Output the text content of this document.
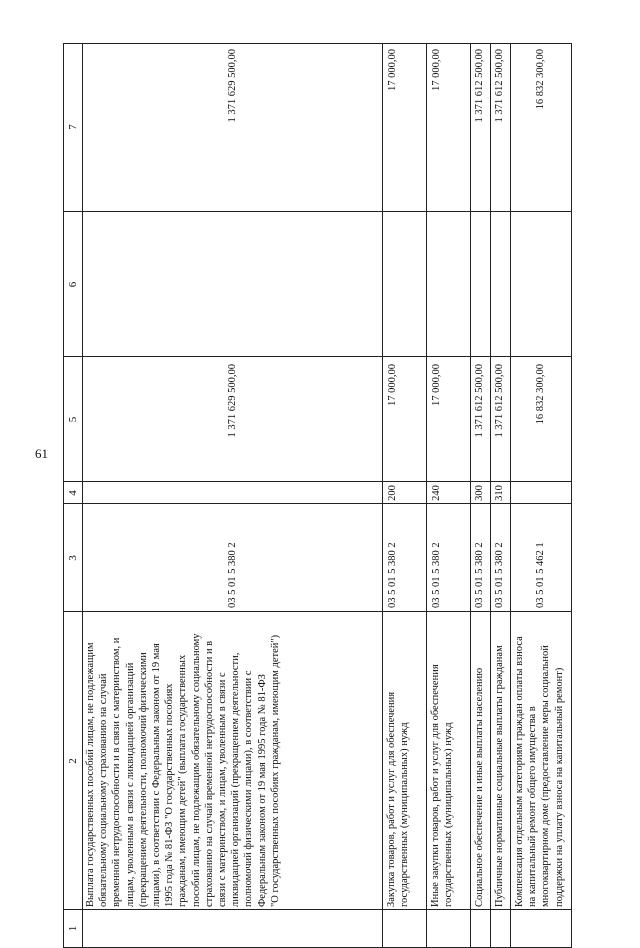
61
1
2
3
4
5
6
7
Выплата государственных пособий лицам, не подлежащим обязательному социальному страхованию на случай временной нетрудоспособности и в связи с материнством, и лицам, уволенным в связи с ликвидацией организаций (прекращением деятельности, полномочий физическими лицами), в соответствии с Федеральным законом от 19 мая 1995 года № 81-ФЗ "О государственных пособиях гражданам, имеющим детей" (выплата государственных пособий лицам, не подлежащим обязательному социальному страхованию на случай временной нетрудоспособности и в связи с материнством, и лицам, уволенным в связи с ликвидацией организаций (прекращением деятельности, полномочий физическими лицами), в соответствии с Федеральным законом от 19 мая 1995 года № 81-ФЗ "О государственных пособиях гражданам, имеющим детей")
03 5 01 5 380 2
1 371 629 500,00
1 371 629 500,00
Закупка товаров, работ и услуг для обеспечения государственных (муниципальных) нужд
03 5 01 5 380 2
200
17 000,00
17 000,00
Иные закупки товаров, работ и услуг для обеспечения государственных (муниципальных) нужд
03 5 01 5 380 2
240
17 000,00
17 000,00
Социальное обеспечение и иные выплаты населению
03 5 01 5 380 2
300
1 371 612 500,00
1 371 612 500,00
Публичные нормативные социальные выплаты гражданам
03 5 01 5 380 2
310
1 371 612 500,00
1 371 612 500,00
Компенсация отдельным категориям граждан оплаты взноса на капитальный ремонт общего имущества в многоквартирном доме (предоставление меры социальной поддержки на уплату взноса на капитальный ремонт)
03 5 01 5 462 1
16 832 300,00
16 832 300,00
